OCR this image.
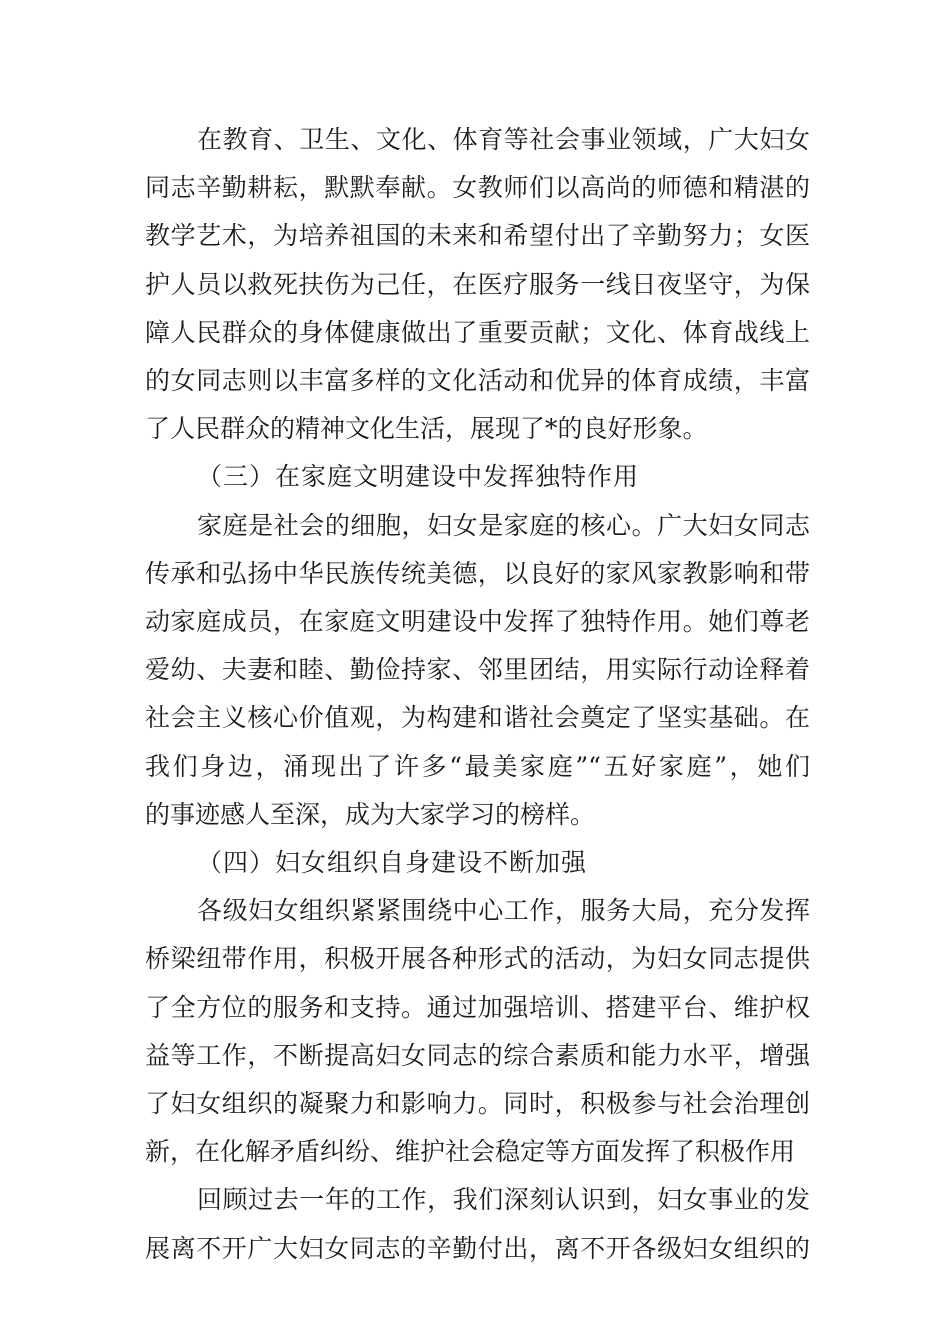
在教育、卫生、文化、体育等社会事业领域，广大妇女
同志辛勤耕耘，默默奉献。女教师们以高尚的师德和精湛的
教学艺术，为培养祖国的未来和希望付出了辛勤努力；女医
护人员以救死扶伤为己任，在医疗服务一线日夜坚守，为保
障人民群众的身体健康做出了重要贡献；文化、体育战线上
的女同志则以丰富多样的文化活动和优异的体育成绩，丰富
了人民群众的精神文化生活，展现了*的良好形象。
（三）在家庭文明建设中发挥独特作用
家庭是社会的细胞，妇女是家庭的核心。广大妇女同志
传承和弘扬中华民族传统美德，以良好的家风家教影响和带
动家庭成员，在家庭文明建设中发挥了独特作用。她们尊老
爱幼、夫妻和睦、勤俭持家、邻里团结，用实际行动诠释着
社会主义核心价值观，为构建和谐社会奠定了坚实基础。在
我们身边，涌现出了许多“最美家庭”“五好家庭”，她们
的事迹感人至深，成为大家学习的榜样。
（四）妇女组织自身建设不断加强
各级妇女组织紧紧围绕中心工作，服务大局，充分发挥
桥梁纽带作用，积极开展各种形式的活动，为妇女同志提供
了全方位的服务和支持。通过加强培训、搭建平台、维护权
益等工作，不断提高妇女同志的综合素质和能力水平，增强
了妇女组织的凝聚力和影响力。同时，积极参与社会治理创
新，在化解矛盾纠纷、维护社会稳定等方面发挥了积极作用
回顾过去一年的工作，我们深刻认识到，妇女事业的发
展离不开广大妇女同志的辛勤付出，离不开各级妇女组织的
